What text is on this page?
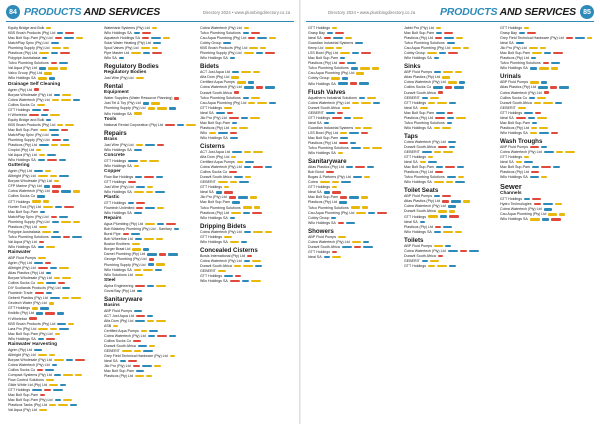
84 PRODUCTS AND SERVICES	Directory 2024 • www.plumbingdirectory.co.za
Equity Bridge and Bulk
KBS Brush Products (Pty) Ltd
Mac Bolt Sup-Pam (Pty) Ltd
MatchPlay Spirc (Pty) Ltd
Plumbing Supply (Pty) Ltd
Plasticos (Pty) Ltd
Polypipe Australasia
Tufco Plumbing Solutions
Val Aqua (Pty) Ltd
Valco Group (Pty) Ltd
Wilo Holdings SA
Drainage Self Cleaning
Agrim (Pty) Ltd
Borpax Wholesale (Pty) Ltd
Cobra Watertech (Pty) Ltd
Collins Socks Co
GTT Holdings
H Whelebar
Equity Bridge and Bulk
KBS Brush Products (Pty) Ltd
Mac Bolt Sup-Pam
MatchPlay Spirc (Pty) Ltd
Plumbing Supply (Pty) Ltd
Plasticos (Pty) Ltd
Croplot (Pty) Ltd
Val Aqua (Pty) Ltd
Wilo Holdings SA
Guttering
Agrim (Pty) Ltd
Allbright (Pty) Ltd
Borpax Wholesale (Pty) Ltd
CFP Marine (Pty) Ltd
Cobra Watertech (Pty) Ltd
Collins Socks Co
GTT Holdings
Hunter Tool (Pty) Ltd
Mac Bolt Sup-Pam
MatchPlay Spirc (Pty) Ltd
Plumbing Supply (Pty) Ltd
Plasticos (Pty) Ltd
Polypipe Australasia
Tufco Plumbing Solutions
Val Aqua (Pty) Ltd
Wilo Holdings SA
Rainwater
ABP Fluid Pumps
Agrim (Pty) Ltd
Allbright (Pty) Ltd
Atlas Plastics (Pty) Ltd
Borpax Wholesale (Pty) Ltd
Collins Socks Co
DIY Scotlands Products (Pty) Ltd
Flowtech Trade
Geberit Plastics (Pty) Ltd
Geotech Water (Pty) Ltd
GTT Holdings
Kwikflo (Pty) Ltd
H Whelebar
KBS Brush Products (Pty) Ltd
Lara Pro (Pty) Ltd
Mac Bolt Sup-Pam (Pty) Ltd
Wilo Holdings SA
Rainwater Harvesting
Agrim (Pty) Ltd
Allbright (Pty) Ltd
Borpax Wholesale (Pty) Ltd
Cobra Watertech (Pty) Ltd
Collins Socks Co
Compact Systems (Pty) Ltd
Flow Control Solutions
Glide White Ltd (Pty) Ltd
GTT Holdings
Mac Bolt Sup-Pam
Mac Bolt Sup-Pam (Pty) Ltd
Plasticos Tanks (Pty) Ltd
Val Aqua (Pty) Ltd
Watertank Systems (Pty) Ltd
Wilo Holdings SA
Aquatech Holdings SA
Solar Water Heating (Pty) Ltd
Spud Valves (Pty) Ltd
Pipe Master Ltd
Wilo SA
Regulatory Bodies
Regulatory Bodies
Just Wire (Pty) Ltd
Rental
Equipment
Water Supplies (Water Resource Planning)
Just Tel & Toy (Pty) Ltd
Plumbing Supply (Pty) Ltd
Wilo Holdings SA
Tools
National Rental Corporation (Pty) Ltd
Repairs
Brass
Just Wire (Pty) Ltd
Wilo Holdings SA
Concrete
GTT Holdings
Wilo Holdings SA
Copper
Flow Bar Holdings
GTT Holdings
Just Wire (Pty) Ltd
Wilo Holdings SA
Plastic
GTT Holdings
Flowtech Unlimited
Wilo Holdings SA
Repairs
Agua Plumbing (Pty) Ltd
Bob Blakeley Plumbing (Pty) Ltd - Sanitary
Burst Pipe
Bob Wheelbar Ltd
Boston Brothers
Burger Braat Ltd
Darnel Plumbing (Pty) Ltd
George Plumbing (Pty) Ltd
Plumbing Supply (Pty) Ltd
Wilo Holdings SA
Wilo Solutions Ltd
Steel
Alpha Engineering
Goval Bay (Pty) Ltd
Sanitaryware
Basins
ABP Fluid Pumps
ACT Just Aqua Ltd
Alfa Dom (Pty) Ltd
ASB
Certified Aqua Pumps
Cobra Watertech (Pty) Ltd
Collins Socks Co
Duravit South Africa
GEBERIT
Grey Field Technical Hardware (Pty) Ltd
Ideal SA
Jilo Pro (Pty) Ltd
Mac Bolt Sup-Pam
Plasticos (Pty) Ltd
Cobra Watertech (Pty) Ltd
Tufco Plumbing Solutions
Cau Aqua Plumbing (Pty) Ltd
Cobby Group
KBS Brush Products (Pty) Ltd
Plumbing Supply (Pty) Ltd
Wilo Holdings SA
Bidets
ACT Just Aqua Ltd
Alfa Dom (Pty) Ltd
Certified Aqua Pumps
Cobra Watertech (Pty) Ltd
Duravit South Africa
Tufco Plumbing Solutions
Cau Aqua Plumbing (Pty) Ltd
GTT Holdings
Ideal SA
Jilo Pro (Pty) Ltd
Mac Bolt Sup-Pam
Plasticos (Pty) Ltd
Wilo
Wilo Holdings SA
Cisterns
ACT Just Aqua Ltd
Alfa Dom (Pty) Ltd
Certified Aqua Pumps
Cobra Watertech (Pty) Ltd
Collins Socks Co
Duravit South Africa
GEBERIT
GTT Holdings
Ideal SA
Jilo Pro (Pty) Ltd
Mac Bolt Sup-Pam
Tufco Plumbing Solutions
Plasticos (Pty) Ltd
Wilo Holdings SA
Dripping Bidets
Cobra Watertech (Pty) Ltd
GTT Holdings
Wilo Holdings SA
Concealed Cisterns
Bowls International (Pty) Ltd
Cobra Watertech (Pty) Ltd
Duravit South Africa
GEBERIT
GTT Holdings
Wilo Holdings SA
Directory 2024 • www.plumbingdirectory.co.za PRODUCTS AND SERVICES	85
GTT Holdings
Grasp Bay
Ideal SA
Guardian Industrial Systems
Kemp Ltd
LSS Bowl (Pty) Ltd
Mac Bolt Sup-Pam
Plasticos (Pty) Ltd
Tufco Plumbing Solutions
Cau Aqua Plumbing (Pty) Ltd
Cobby Group
Wilo Holdings SA
Flush Valves
Aquatherm Industrial Solutions
Cobra Watertech (Pty) Ltd
Duravit South Africa
GEBERIT
GTT Holdings
Ideal SA
Guardian Industrial Systems
LSS Bowl (Pty) Ltd
Mac Bolt Sup-Pam
Plasticos (Pty) Ltd
Tufco Plumbing Solutions
Wilo Holdings SA
Sanitaryware
Atlas Plastics (Pty) Ltd
Bob Bond
Bogas & Partners (Pty) Ltd
Cobra
GTT Holdings
Ideal SA
Mac Bolt Sup-Pam
Plasticos (Pty) Ltd
Tufco Plumbing Solutions
Cau Aqua Plumbing (Pty) Ltd
Cobby Group
Wilo Holdings SA
Showers
ABP Fluid Pumps
Cobra Watertech (Pty) Ltd
Duravit South Africa
GTT Holdings
Ideal SA
Jabbi Pro (Pty) Ltd
Mac Bolt Sup-Pam
Plasticos (Pty) Ltd
Tufco Plumbing Solutions
Cau Aqua Plumbing (Pty) Ltd
Cobby Group
Wilo Holdings SA
Sinks
ABP Fluid Pumps
Atlas Plastics (Pty) Ltd
Cobra Watertech (Pty) Ltd
Collins Socks Co
Duravit South Africa
GEBERIT
GTT Holdings
Ideal SA
Mac Bolt Sup-Pam
Plasticos (Pty) Ltd
Tufco Plumbing Solutions
Wilo Holdings SA
Taps
Cobra Watertech (Pty) Ltd
Duravit South Africa
GEBERIT
GTT Holdings
Ideal SA
Mac Bolt Sup-Pam
Plasticos (Pty) Ltd
Tufco Plumbing Solutions
Wilo Holdings SA
Toilet Seats
ABP Fluid Pumps
Atlas Plastics (Pty) Ltd
Cobra Watertech (Pty) Ltd
Duravit South Africa
GTT Holdings
Ideal SA
Plasticos (Pty) Ltd
Wilo Holdings SA
Toilets
ABP Fluid Pumps
Cobra Watertech (Pty) Ltd
Duravit South Africa
GEBERIT
GTT Holdings
GTT Holdings
Grasp Bay
Grey Field Technical Hardware (Pty) Ltd
Ideal SA
Jilo Pro (Pty) Ltd
Mac Bolt Sup-Pam
Plasticos (Pty) Ltd
Tufco Plumbing Solutions
Wilo Holdings SA
Urinals
ABP Fluid Pumps
Atlas Plastics (Pty) Ltd
Cobra Watertech (Pty) Ltd
Collins Socks Co
Duravit South Africa
GEBERIT
GTT Holdings
Ideal SA
Mac Bolt Sup-Pam
Plasticos (Pty) Ltd
Wilo Holdings SA
Wash Troughs
ABP Fluid Pumps
Cobra Watertech (Pty) Ltd
GTT Holdings
Ideal SA
Mac Bolt Sup-Pam
Plasticos (Pty) Ltd
Wilo Holdings SA
Sewer
Channels
GTT Holdings
Hydro Technologies
Cobra Watertech (Pty) Ltd
Cau Aqua Plumbing (Pty) Ltd
Wilo Holdings SA
